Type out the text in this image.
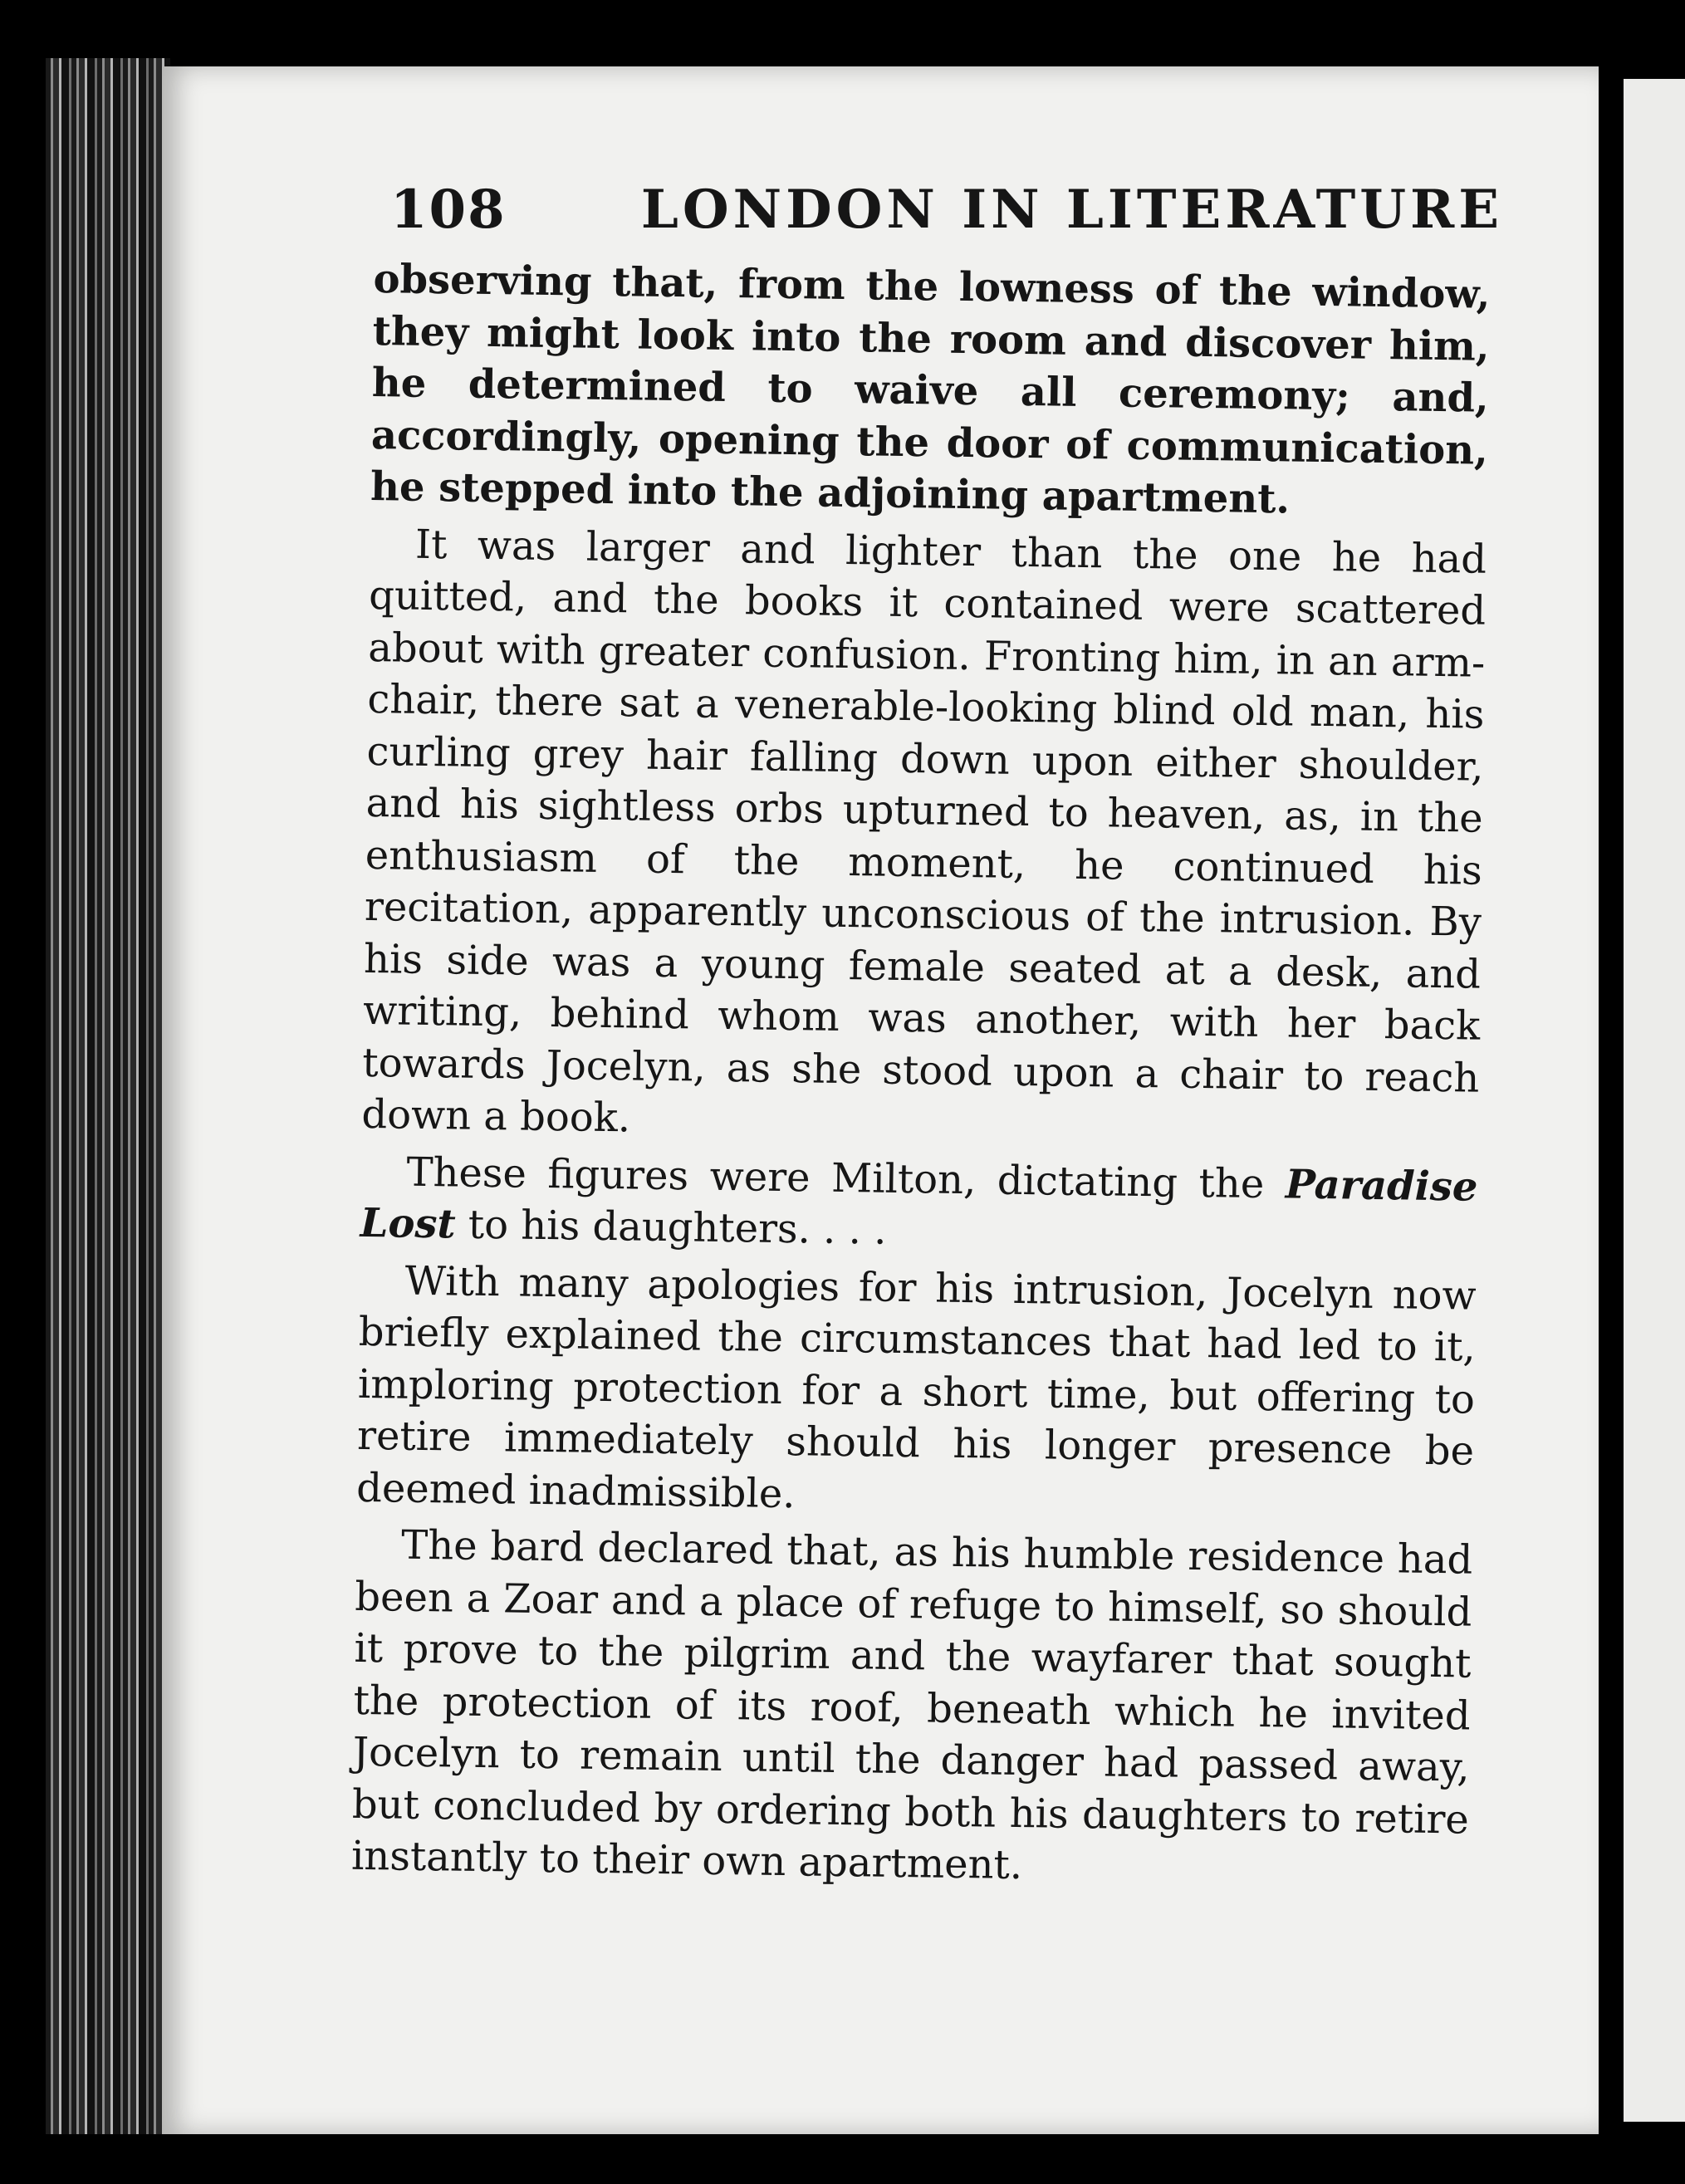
108	LONDON IN LITERATURE

observing that, from the lowness of the window, they might look into the room and discover him, he determined to waive all ceremony; and, accordingly, opening the door of communication, he stepped into the adjoining apartment.

It was larger and lighter than the one he had quitted, and the books it contained were scattered about with greater confusion. Fronting him, in an arm-chair, there sat a venerable-looking blind old man, his curling grey hair falling down upon either shoulder, and his sightless orbs upturned to heaven, as, in the enthusiasm of the moment, he continued his recitation, apparently unconscious of the intrusion. By his side was a young female seated at a desk, and writing, behind whom was another, with her back towards Jocelyn, as she stood upon a chair to reach down a book.

These figures were Milton, dictating the Paradise Lost to his daughters. . . .

With many apologies for his intrusion, Jocelyn now briefly explained the circumstances that had led to it, imploring protection for a short time, but offering to retire immediately should his longer presence be deemed inadmissible.

The bard declared that, as his humble residence had been a Zoar and a place of refuge to himself, so should it prove to the pilgrim and the wayfarer that sought the protection of its roof, beneath which he invited Jocelyn to remain until the danger had passed away, but concluded by ordering both his daughters to retire instantly to their own apartment.
